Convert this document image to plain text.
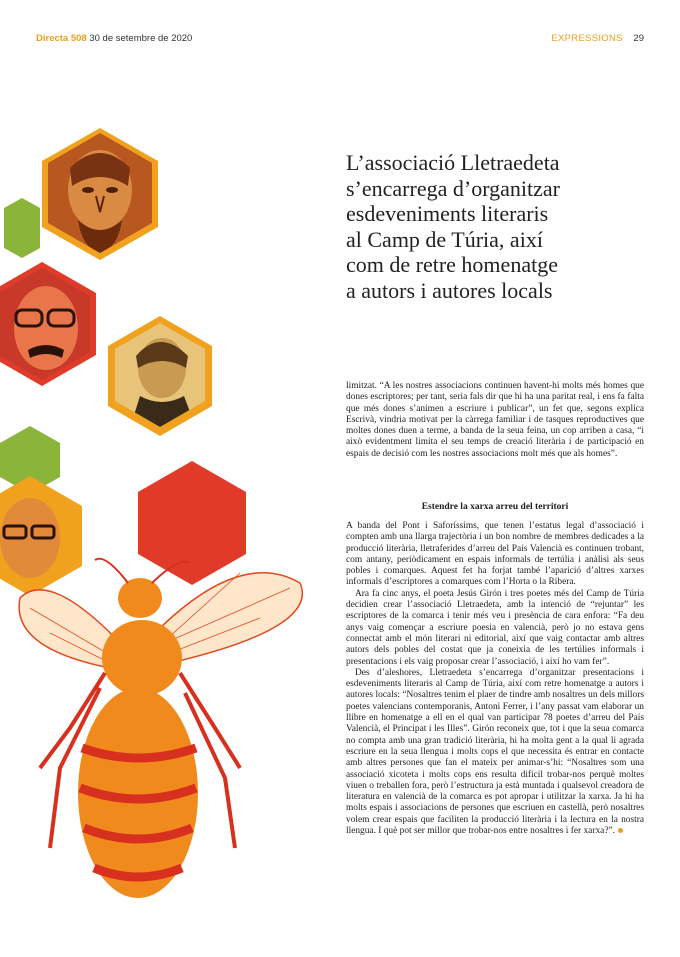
Directa 508 30 de setembre de 2020	EXPRESSIONS 29
L’associació Lletraedeta
s’encarrega d’organitzar
esdeveniments literaris
al Camp de Túria, així
com de retre homenatge
a autors i autores locals

limitzat. “A les nostres associacions continuen havent-hi molts més homes que dones escriptores; per tant, seria fals dir que hi ha una paritat real, i ens fa falta que més dones s’animen a escriure i publicar”, un fet que, segons explica Escrivà, vindria motivat per la càrrega familiar i de tasques reproductives que moltes dones duen a terme, a banda de la seua feina, un cop arriben a casa, “i això evidentment limita el seu temps de creació literària i de participació en espais de decisió com les nostres associacions molt més que als homes”.

Estendre la xarxa arreu del territori

A banda del Pont i Saforíssims, que tenen l’estatus legal d’associació i compten amb una llarga trajectòria i un bon nombre de membres dedicades a la producció literària, lletraferides d’arreu del País Valencià es continuen trobant, com antany, periòdicament en espais informals de tertúlia i anàlisi als seus pobles i comarques. Aquest fet ha forjat també l’aparició d’altres xarxes informals d’escriptores a comarques com l’Horta o la Ribera.

Ara fa cinc anys, el poeta Jesús Girón i tres poetes més del Camp de Túria decidien crear l’associació Lletraedeta, amb la intenció de “rejuntar” les escriptores de la comarca i tenir més veu i presència de cara enfora: “Fa deu anys vaig començar a escriure poesia en valencià, però jo no estava gens connectat amb el món literari ni editorial, així que vaig contactar amb altres autors dels pobles del costat que ja coneixia de les tertúlies informals i presentacions i els vaig proposar crear l’associació, i així ho vam fer”.

Des d’aleshores, Lletraedeta s’encarrega d’organitzar presentacions i esdeveniments literaris al Camp de Túria, així com retre homenatge a autors i autores locals: “Nosaltres tenim el plaer de tindre amb nosaltres un dels millors poetes valencians contemporanis, Antoni Ferrer, i l’any passat vam elaborar un llibre en homenatge a ell en el qual van participar 78 poetes d’arreu del País Valencià, el Principat i les Illes”. Girón reconeix que, tot i que la seua comarca no compta amb una gran tradició literària, hi ha molta gent a la qual li agrada escriure en la seua llengua i molts cops el que necessita és entrar en contacte amb altres persones que fan el mateix per animar-s’hi: “Nosaltres som una associació xicoteta i molts cops ens resulta difícil trobar-nos perquè moltes viuen o treballen fora, però l’estructura ja està muntada i qualsevol creadora de literatura en valencià de la comarca es pot apropar i utilitzar la xarxa. Ja hi ha molts espais i associacions de persones que escriuen en castellà, però nosaltres volem crear espais que faciliten la producció literària i la lectura en la nostra llengua. I què pot ser millor que trobar-nos entre nosaltres i fer xarxa?”.
